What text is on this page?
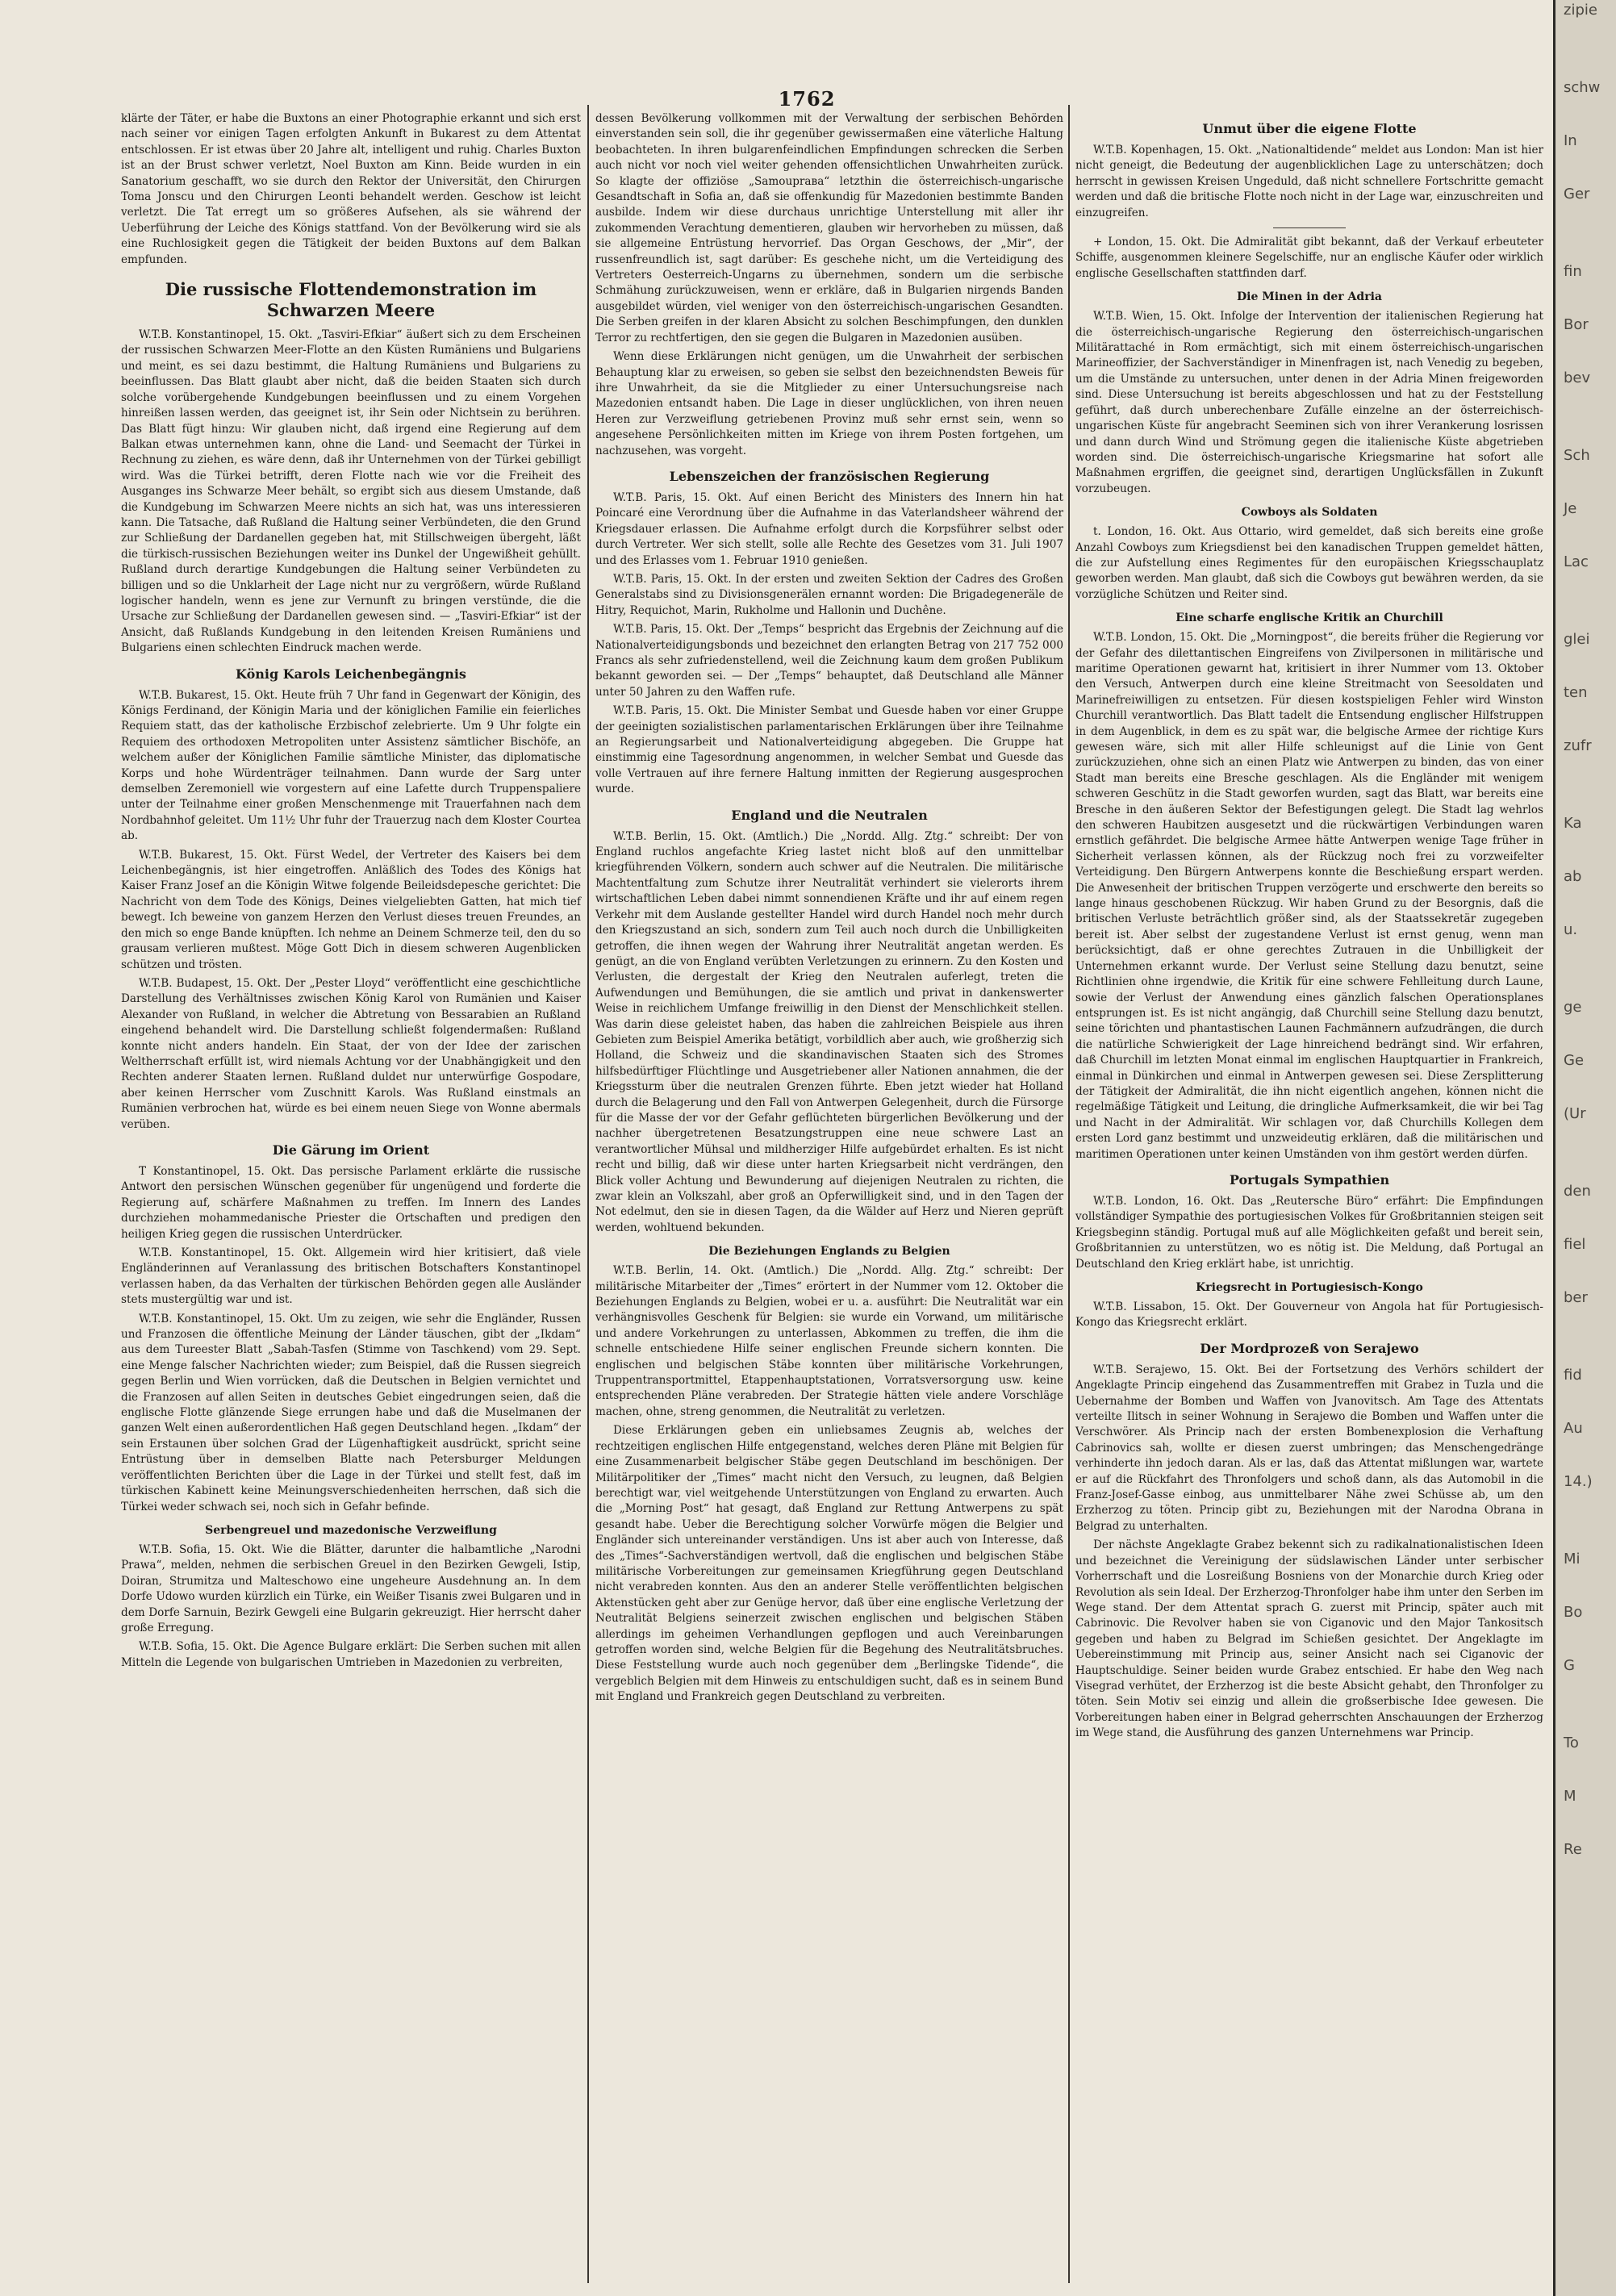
1762

klärte der Täter, er habe die Buxtons an einer Photographie erkannt und sich erst nach seiner vor einigen Tagen erfolgten Ankunft in Bukarest zu dem Attentat entschlossen. Er ist etwas über 20 Jahre alt, intelligent und ruhig. Charles Buxton ist an der Brust schwer verletzt, Noel Buxton am Kinn. Beide wurden in ein Sanatorium geschafft, wo sie durch den Rektor der Universität, den Chirurgen Toma Jonscu und den Chirurgen Leonti behandelt werden. Geschow ist leicht verletzt. Die Tat erregt um so größeres Aufsehen, als sie während der Ueberführung der Leiche des Königs stattfand. Von der Bevölkerung wird sie als eine Ruchlosigkeit gegen die Tätigkeit der beiden Buxtons auf dem Balkan empfunden.

Die russische Flottendemonstration im Schwarzen Meere

W.T.B. Konstantinopel, 15. Okt. „Tasviri-Efkiar“ äußert sich zu dem Erscheinen der russischen Schwarzen Meer-Flotte an den Küsten Rumäniens und Bulgariens und meint, es sei dazu bestimmt, die Haltung Rumäniens und Bulgariens zu beeinflussen. Das Blatt glaubt aber nicht, daß die beiden Staaten sich durch solche vorübergehende Kundgebungen beeinflussen und zu einem Vorgehen hinreißen lassen werden, das geeignet ist, ihr Sein oder Nichtsein zu berühren. Das Blatt fügt hinzu: Wir glauben nicht, daß irgend eine Regierung auf dem Balkan etwas unternehmen kann, ohne die Land- und Seemacht der Türkei in Rechnung zu ziehen, es wäre denn, daß ihr Unternehmen von der Türkei gebilligt wird. Was die Türkei betrifft, deren Flotte nach wie vor die Freiheit des Ausganges ins Schwarze Meer behält, so ergibt sich aus diesem Umstande, daß die Kundgebung im Schwarzen Meere nichts an sich hat, was uns interessieren kann. Die Tatsache, daß Rußland die Haltung seiner Verbündeten, die den Grund zur Schließung der Dardanellen gegeben hat, mit Stillschweigen übergeht, läßt die türkisch-russischen Beziehungen weiter ins Dunkel der Ungewißheit gehüllt. Rußland durch derartige Kundgebungen die Haltung seiner Verbündeten zu billigen und so die Unklarheit der Lage nicht nur zu vergrößern, würde Rußland logischer handeln, wenn es jene zur Vernunft zu bringen verstünde, die die Ursache zur Schließung der Dardanellen gewesen sind. — „Tasviri-Efkiar“ ist der Ansicht, daß Rußlands Kundgebung in den leitenden Kreisen Rumäniens und Bulgariens einen schlechten Eindruck machen werde.

König Karols Leichenbegängnis

W.T.B. Bukarest, 15. Okt. Heute früh 7 Uhr fand in Gegenwart der Königin, des Königs Ferdinand, der Königin Maria und der königlichen Familie ein feierliches Requiem statt, das der katholische Erzbischof zelebrierte. Um 9 Uhr folgte ein Requiem des orthodoxen Metropoliten unter Assistenz sämtlicher Bischöfe, an welchem außer der Königlichen Familie sämtliche Minister, das diplomatische Korps und hohe Würdenträger teilnahmen. Dann wurde der Sarg unter demselben Zeremoniell wie vorgestern auf eine Lafette durch Truppenspaliere unter der Teilnahme einer großen Menschenmenge mit Trauerfahnen nach dem Nordbahnhof geleitet. Um 11½ Uhr fuhr der Trauerzug nach dem Kloster Courtea ab.

W.T.B. Bukarest, 15. Okt. Fürst Wedel, der Vertreter des Kaisers bei dem Leichenbegängnis, ist hier eingetroffen. Anläßlich des Todes des Königs hat Kaiser Franz Josef an die Königin Witwe folgende Beileidsdepesche gerichtet: Die Nachricht von dem Tode des Königs, Deines vielgeliebten Gatten, hat mich tief bewegt. Ich beweine von ganzem Herzen den Verlust dieses treuen Freundes, an den mich so enge Bande knüpften. Ich nehme an Deinem Schmerze teil, den du so grausam verlieren mußtest. Möge Gott Dich in diesem schweren Augenblicken schützen und trösten.

W.T.B. Budapest, 15. Okt. Der „Pester Lloyd“ veröffentlicht eine geschichtliche Darstellung des Verhältnisses zwischen König Karol von Rumänien und Kaiser Alexander von Rußland, in welcher die Abtretung von Bessarabien an Rußland eingehend behandelt wird. Die Darstellung schließt folgendermaßen: Rußland konnte nicht anders handeln. Ein Staat, der von der Idee der zarischen Weltherrschaft erfüllt ist, wird niemals Achtung vor der Unabhängigkeit und den Rechten anderer Staaten lernen. Rußland duldet nur unterwürfige Gospodare, aber keinen Herrscher vom Zuschnitt Karols. Was Rußland einstmals an Rumänien verbrochen hat, würde es bei einem neuen Siege von Wonne abermals verüben.

Die Gärung im Orient

T Konstantinopel, 15. Okt. Das persische Parlament erklärte die russische Antwort den persischen Wünschen gegenüber für ungenügend und forderte die Regierung auf, schärfere Maßnahmen zu treffen. Im Innern des Landes durchziehen mohammedanische Priester die Ortschaften und predigen den heiligen Krieg gegen die russischen Unterdrücker.

W.T.B. Konstantinopel, 15. Okt. Allgemein wird hier kritisiert, daß viele Engländerinnen auf Veranlassung des britischen Botschafters Konstantinopel verlassen haben, da das Verhalten der türkischen Behörden gegen alle Ausländer stets mustergültig war und ist.

W.T.B. Konstantinopel, 15. Okt. Um zu zeigen, wie sehr die Engländer, Russen und Franzosen die öffentliche Meinung der Länder täuschen, gibt der „Ikdam“ aus dem Tureester Blatt „Sabah-Tasfen (Stimme von Taschkend) vom 29. Sept. eine Menge falscher Nachrichten wieder; zum Beispiel, daß die Russen siegreich gegen Berlin und Wien vorrücken, daß die Deutschen in Belgien vernichtet und die Franzosen auf allen Seiten in deutsches Gebiet eingedrungen seien, daß die englische Flotte glänzende Siege errungen habe und daß die Muselmanen der ganzen Welt einen außerordentlichen Haß gegen Deutschland hegen. „Ikdam“ der sein Erstaunen über solchen Grad der Lügenhaftigkeit ausdrückt, spricht seine Entrüstung über in demselben Blatte nach Petersburger Meldungen veröffentlichten Berichten über die Lage in der Türkei und stellt fest, daß im türkischen Kabinett keine Meinungsverschiedenheiten herrschen, daß sich die Türkei weder schwach sei, noch sich in Gefahr befinde.

Serbengreuel und mazedonische Verzweiflung

W.T.B. Sofia, 15. Okt. Wie die Blätter, darunter die halbamtliche „Narodni Prawa“, melden, nehmen die serbischen Greuel in den Bezirken Gewgeli, Istip, Doiran, Strumitza und Malteschowo eine ungeheure Ausdehnung an. In dem Dorfe Udowo wurden kürzlich ein Türke, ein Weißer Tisanis zwei Bulgaren und in dem Dorfe Sarnuin, Bezirk Gewgeli eine Bulgarin gekreuzigt. Hier herrscht daher große Erregung.

W.T.B. Sofia, 15. Okt. Die Agence Bulgare erklärt: Die Serben suchen mit allen Mitteln die Legende von bulgarischen Umtrieben in Mazedonien zu verbreiten,

dessen Bevölkerung vollkommen mit der Verwaltung der serbischen Behörden einverstanden sein soll, die ihr gegenüber gewissermaßen eine väterliche Haltung beobachteten. In ihren bulgarenfeindlichen Empfindungen schrecken die Serben auch nicht vor noch viel weiter gehenden offensichtlichen Unwahrheiten zurück. So klagte der offiziöse „Samoupraва“ letzthin die österreichisch-ungarische Gesandtschaft in Sofia an, daß sie offenkundig für Mazedonien bestimmte Banden ausbilde. Indem wir diese durchaus unrichtige Unterstellung mit aller ihr zukommenden Verachtung dementieren, glauben wir hervorheben zu müssen, daß sie allgemeine Entrüstung hervorrief. Das Organ Geschows, der „Mir“, der russenfreundlich ist, sagt darüber: Es geschehe nicht, um die Verteidigung des Vertreters Oesterreich-Ungarns zu übernehmen, sondern um die serbische Schmähung zurückzuweisen, wenn er erkläre, daß in Bulgarien nirgends Banden ausgebildet würden, viel weniger von den österreichisch-ungarischen Gesandten. Die Serben greifen in der klaren Absicht zu solchen Beschimpfungen, den dunklen Terror zu rechtfertigen, den sie gegen die Bulgaren in Mazedonien ausüben.

Wenn diese Erklärungen nicht genügen, um die Unwahrheit der serbischen Behauptung klar zu erweisen, so geben sie selbst den bezeichnendsten Beweis für ihre Unwahrheit, da sie die Mitglieder zu einer Untersuchungsreise nach Mazedonien entsandt haben. Die Lage in dieser unglücklichen, von ihren neuen Heren zur Verzweiflung getriebenen Provinz muß sehr ernst sein, wenn so angesehene Persönlichkeiten mitten im Kriege von ihrem Posten fortgehen, um nachzusehen, was vorgeht.

Lebenszeichen der französischen Regierung

W.T.B. Paris, 15. Okt. Auf einen Bericht des Ministers des Innern hin hat Poincaré eine Verordnung über die Aufnahme in das Vaterlandsheer während der Kriegsdauer erlassen. Die Aufnahme erfolgt durch die Korpsführer selbst oder durch Vertreter. Wer sich stellt, solle alle Rechte des Gesetzes vom 31. Juli 1907 und des Erlasses vom 1. Februar 1910 genießen.

W.T.B. Paris, 15. Okt. In der ersten und zweiten Sektion der Cadres des Großen Generalstabs sind zu Divisionsgenerälen ernannt worden: Die Brigadegeneräle de Hitry, Requichot, Marin, Rukholme und Hallonin und Duchêne.

W.T.B. Paris, 15. Okt. Der „Temps“ bespricht das Ergebnis der Zeichnung auf die Nationalverteidigungsbonds und bezeichnet den erlangten Betrag von 217 752 000 Francs als sehr zufriedenstellend, weil die Zeichnung kaum dem großen Publikum bekannt geworden sei. — Der „Temps“ behauptet, daß Deutschland alle Männer unter 50 Jahren zu den Waffen rufe.

W.T.B. Paris, 15. Okt. Die Minister Sembat und Guesde haben vor einer Gruppe der geeinigten sozialistischen parlamentarischen Erklärungen über ihre Teilnahme an Regierungsarbeit und Nationalverteidigung abgegeben. Die Gruppe hat einstimmig eine Tagesordnung angenommen, in welcher Sembat und Guesde das volle Vertrauen auf ihre fernere Haltung inmitten der Regierung ausgesprochen wurde.

England und die Neutralen

W.T.B. Berlin, 15. Okt. (Amtlich.) Die „Nordd. Allg. Ztg.“ schreibt: Der von England ruchlos angefachte Krieg lastet nicht bloß auf den unmittelbar kriegführenden Völkern, sondern auch schwer auf die Neutralen. Die militärische Machtentfaltung zum Schutze ihrer Neutralität verhindert sie vielerorts ihrem wirtschaftlichen Leben dabei nimmt sonnendienen Kräfte und ihr auf einem regen Verkehr mit dem Auslande gestellter Handel wird durch Handel noch mehr durch den Kriegszustand an sich, sondern zum Teil auch noch durch die Unbilligkeiten getroffen, die ihnen wegen der Wahrung ihrer Neutralität angetan werden. Es genügt, an die von England verübten Verletzungen zu erinnern. Zu den Kosten und Verlusten, die dergestalt der Krieg den Neutralen auferlegt, treten die Aufwendungen und Bemühungen, die sie amtlich und privat in dankenswerter Weise in reichlichem Umfange freiwillig in den Dienst der Menschlichkeit stellen. Was darin diese geleistet haben, das haben die zahlreichen Beispiele aus ihren Gebieten zum Beispiel Amerika betätigt, vorbildlich aber auch, wie großherzig sich Holland, die Schweiz und die skandinavischen Staaten sich des Stromes hilfsbedürftiger Flüchtlinge und Ausgetriebener aller Nationen annahmen, die der Kriegssturm über die neutralen Grenzen führte. Eben jetzt wieder hat Holland durch die Belagerung und den Fall von Antwerpen Gelegenheit, durch die Fürsorge für die Masse der vor der Gefahr geflüchteten bürgerlichen Bevölkerung und der nachher übergetretenen Besatzungstruppen eine neue schwere Last an verantwortlicher Mühsal und mildherziger Hilfe aufgebürdet erhalten. Es ist nicht recht und billig, daß wir diese unter harten Kriegsarbeit nicht verdrängen, den Blick voller Achtung und Bewunderung auf diejenigen Neutralen zu richten, die zwar klein an Volkszahl, aber groß an Opferwilligkeit sind, und in den Tagen der Not edelmut, den sie in diesen Tagen, da die Wälder auf Herz und Nieren geprüft werden, wohltuend bekunden.

Die Beziehungen Englands zu Belgien

W.T.B. Berlin, 14. Okt. (Amtlich.) Die „Nordd. Allg. Ztg.“ schreibt: Der militärische Mitarbeiter der „Times“ erörtert in der Nummer vom 12. Oktober die Beziehungen Englands zu Belgien, wobei er u. a. ausführt: Die Neutralität war ein verhängnisvolles Geschenk für Belgien: sie wurde ein Vorwand, um militärische und andere Vorkehrungen zu unterlassen, Abkommen zu treffen, die ihm die schnelle entschiedene Hilfe seiner englischen Freunde sichern konnten. Die englischen und belgischen Stäbe konnten über militärische Vorkehrungen, Truppentransportmittel, Etappenhauptstationen, Vorratsversorgung usw. keine entsprechenden Pläne verabreden. Der Strategie hätten viele andere Vorschläge machen, ohne, streng genommen, die Neutralität zu verletzen.

Diese Erklärungen geben ein unliebsames Zeugnis ab, welches der rechtzeitigen englischen Hilfe entgegenstand, welches deren Pläne mit Belgien für eine Zusammenarbeit belgischer Stäbe gegen Deutschland im beschönigen. Der Militärpolitiker der „Times“ macht nicht den Versuch, zu leugnen, daß Belgien berechtigt war, viel weitgehende Unterstützungen von England zu erwarten. Auch die „Morning Post“ hat gesagt, daß England zur Rettung Antwerpens zu spät gesandt habe. Ueber die Berechtigung solcher Vorwürfe mögen die Belgier und Engländer sich untereinander verständigen. Uns ist aber auch von Interesse, daß des „Times“-Sachverständigen wertvoll, daß die englischen und belgischen Stäbe militärische Vorbereitungen zur gemeinsamen Kriegführung gegen Deutschland nicht verabreden konnten. Aus den an anderer Stelle veröffentlichten belgischen Aktenstücken geht aber zur Genüge hervor, daß über eine englische Verletzung der Neutralität Belgiens seinerzeit zwischen englischen und belgischen Stäben allerdings im geheimen Verhandlungen gepflogen und auch Vereinbarungen getroffen worden sind, welche Belgien für die Begehung des Neutralitätsbruches. Diese Feststellung wurde auch noch gegenüber dem „Berlingske Tidende“, die vergeblich Belgien mit dem Hinweis zu entschuldigen sucht, daß es in seinem Bund mit England und Frankreich gegen Deutschland zu verbreiten.

Unmut über die eigene Flotte

W.T.B. Kopenhagen, 15. Okt. „Nationaltidende“ meldet aus London: Man ist hier nicht geneigt, die Bedeutung der augenblicklichen Lage zu unterschätzen; doch herrscht in gewissen Kreisen Ungeduld, daß nicht schnellere Fortschritte gemacht werden und daß die britische Flotte noch nicht in der Lage war, einzuschreiten und einzugreifen.

+ London, 15. Okt. Die Admiralität gibt bekannt, daß der Verkauf erbeuteter Schiffe, ausgenommen kleinere Segelschiffe, nur an englische Käufer oder wirklich englische Gesellschaften stattfinden darf.

Die Minen in der Adria

W.T.B. Wien, 15. Okt. Infolge der Intervention der italienischen Regierung hat die österreichisch-ungarische Regierung den österreichisch-ungarischen Militärattaché in Rom ermächtigt, sich mit einem österreichisch-ungarischen Marineoffizier, der Sachverständiger in Minenfragen ist, nach Venedig zu begeben, um die Umstände zu untersuchen, unter denen in der Adria Minen freigeworden sind. Diese Untersuchung ist bereits abgeschlossen und hat zu der Feststellung geführt, daß durch unberechenbare Zufälle einzelne an der österreichisch-ungarischen Küste für angebracht Seeminen sich von ihrer Verankerung losrissen und dann durch Wind und Strömung gegen die italienische Küste abgetrieben worden sind. Die österreichisch-ungarische Kriegsmarine hat sofort alle Maßnahmen ergriffen, die geeignet sind, derartigen Unglücksfällen in Zukunft vorzubeugen.

Cowboys als Soldaten

t. London, 16. Okt. Aus Ottario, wird gemeldet, daß sich bereits eine große Anzahl Cowboys zum Kriegsdienst bei den kanadischen Truppen gemeldet hätten, die zur Aufstellung eines Regimentes für den europäischen Kriegsschauplatz geworben werden. Man glaubt, daß sich die Cowboys gut bewähren werden, da sie vorzügliche Schützen und Reiter sind.

Eine scharfe englische Kritik an Churchill

W.T.B. London, 15. Okt. Die „Morningpost“, die bereits früher die Regierung vor der Gefahr des dilettantischen Eingreifens von Zivilpersonen in militärische und maritime Operationen gewarnt hat, kritisiert in ihrer Nummer vom 13. Oktober den Versuch, Antwerpen durch eine kleine Streitmacht von Seesoldaten und Marinefreiwilligen zu entsetzen. Für diesen kostspieligen Fehler wird Winston Churchill verantwortlich. Das Blatt tadelt die Entsendung englischer Hilfstruppen in dem Augenblick, in dem es zu spät war, die belgische Armee der richtige Kurs gewesen wäre, sich mit aller Hilfe schleunigst auf die Linie von Gent zurückzuziehen, ohne sich an einen Platz wie Antwerpen zu binden, das von einer Stadt man bereits eine Bresche geschlagen. Als die Engländer mit wenigem schweren Geschütz in die Stadt geworfen wurden, sagt das Blatt, war bereits eine Bresche in den äußeren Sektor der Befestigungen gelegt. Die Stadt lag wehrlos den schweren Haubitzen ausgesetzt und die rückwärtigen Verbindungen waren ernstlich gefährdet. Die belgische Armee hätte Antwerpen wenige Tage früher in Sicherheit verlassen können, als der Rückzug noch frei zu vorzweifelter Verteidigung. Den Bürgern Antwerpens konnte die Beschießung erspart werden. Die Anwesenheit der britischen Truppen verzögerte und erschwerte den bereits so lange hinaus geschobenen Rückzug. Wir haben Grund zu der Besorgnis, daß die britischen Verluste beträchtlich größer sind, als der Staatssekretär zugegeben bereit ist. Aber selbst der zugestandene Verlust ist ernst genug, wenn man berücksichtigt, daß er ohne gerechtes Zutrauen in die Unbilligkeit der Unternehmen erkannt wurde. Der Verlust seine Stellung dazu benutzt, seine Richtlinien ohne irgendwie, die Kritik für eine schwere Fehlleitung durch Laune, sowie der Verlust der Anwendung eines gänzlich falschen Operationsplanes entsprungen ist. Es ist nicht angängig, daß Churchill seine Stellung dazu benutzt, seine törichten und phantastischen Launen Fachmännern aufzudrängen, die durch die natürliche Schwierigkeit der Lage hinreichend bedrängt sind. Wir erfahren, daß Churchill im letzten Monat einmal im englischen Hauptquartier in Frankreich, einmal in Dünkirchen und einmal in Antwerpen gewesen sei. Diese Zersplitterung der Tätigkeit der Admiralität, die ihn nicht eigentlich angehen, können nicht die regelmäßige Tätigkeit und Leitung, die dringliche Aufmerksamkeit, die wir bei Tag und Nacht in der Admiralität. Wir schlagen vor, daß Churchills Kollegen dem ersten Lord ganz bestimmt und unzweideutig erklären, daß die militärischen und maritimen Operationen unter keinen Umständen von ihm gestört werden dürfen.

Portugals Sympathien

W.T.B. London, 16. Okt. Das „Reutersche Büro“ erfährt: Die Empfindungen vollständiger Sympathie des portugiesischen Volkes für Großbritannien steigen seit Kriegsbeginn ständig. Portugal muß auf alle Möglichkeiten gefaßt und bereit sein, Großbritannien zu unterstützen, wo es nötig ist. Die Meldung, daß Portugal an Deutschland den Krieg erklärt habe, ist unrichtig.

Kriegsrecht in Portugiesisch-Kongo

W.T.B. Lissabon, 15. Okt. Der Gouverneur von Angola hat für Portugiesisch-Kongo das Kriegsrecht erklärt.

Der Mordprozeß von Serajewo

W.T.B. Serajewo, 15. Okt. Bei der Fortsetzung des Verhörs schildert der Angeklagte Princip eingehend das Zusammentreffen mit Grabez in Tuzla und die Uebernahme der Bomben und Waffen von Jvanovitsch. Am Tage des Attentats verteilte Ilitsch in seiner Wohnung in Serajewo die Bomben und Waffen unter die Verschwörer. Als Princip nach der ersten Bombenexplosion die Verhaftung Cabrinovics sah, wollte er diesen zuerst umbringen; das Menschengedränge verhinderte ihn jedoch daran. Als er las, daß das Attentat mißlungen war, wartete er auf die Rückfahrt des Thronfolgers und schoß dann, als das Automobil in die Franz-Josef-Gasse einbog, aus unmittelbarer Nähe zwei Schüsse ab, um den Erzherzog zu töten. Princip gibt zu, Beziehungen mit der Narodna Obrana in Belgrad zu unterhalten.

Der nächste Angeklagte Grabez bekennt sich zu radikalnationalistischen Ideen und bezeichnet die Vereinigung der südslawischen Länder unter serbischer Vorherrschaft und die Losreißung Bosniens von der Monarchie durch Krieg oder Revolution als sein Ideal. Der Erzherzog-Thronfolger habe ihm unter den Serben im Wege stand. Der dem Attentat sprach G. zuerst mit Princip, später auch mit Cabrinovic. Die Revolver haben sie von Ciganovic und den Major Tankositsch gegeben und haben zu Belgrad im Schießen gesichtet. Der Angeklagte im Uebereinstimmung mit Princip aus, seiner Ansicht nach sei Ciganovic der Hauptschuldige. Seiner beiden wurde Grabez entschied. Er habe den Weg nach Visegrad verhütet, der Erzherzog ist die beste Absicht gehabt, den Thronfolger zu töten. Sein Motiv sei einzig und allein die großserbische Idee gewesen. Die Vorbereitungen haben einer in Belgrad geherrschten Anschauungen der Erzherzog im Wege stand, die Ausführung des ganzen Unternehmens war Princip.

zipie
schw
In
Ger
fin
Bor
bev
Sch
Je
Lac
glei
ten
zufr
Ka
ab
u.
ge
Ge
(Ur
den
fiel
ber
fid
Au
14.)
Mi
Bo
G
To
M
Re
